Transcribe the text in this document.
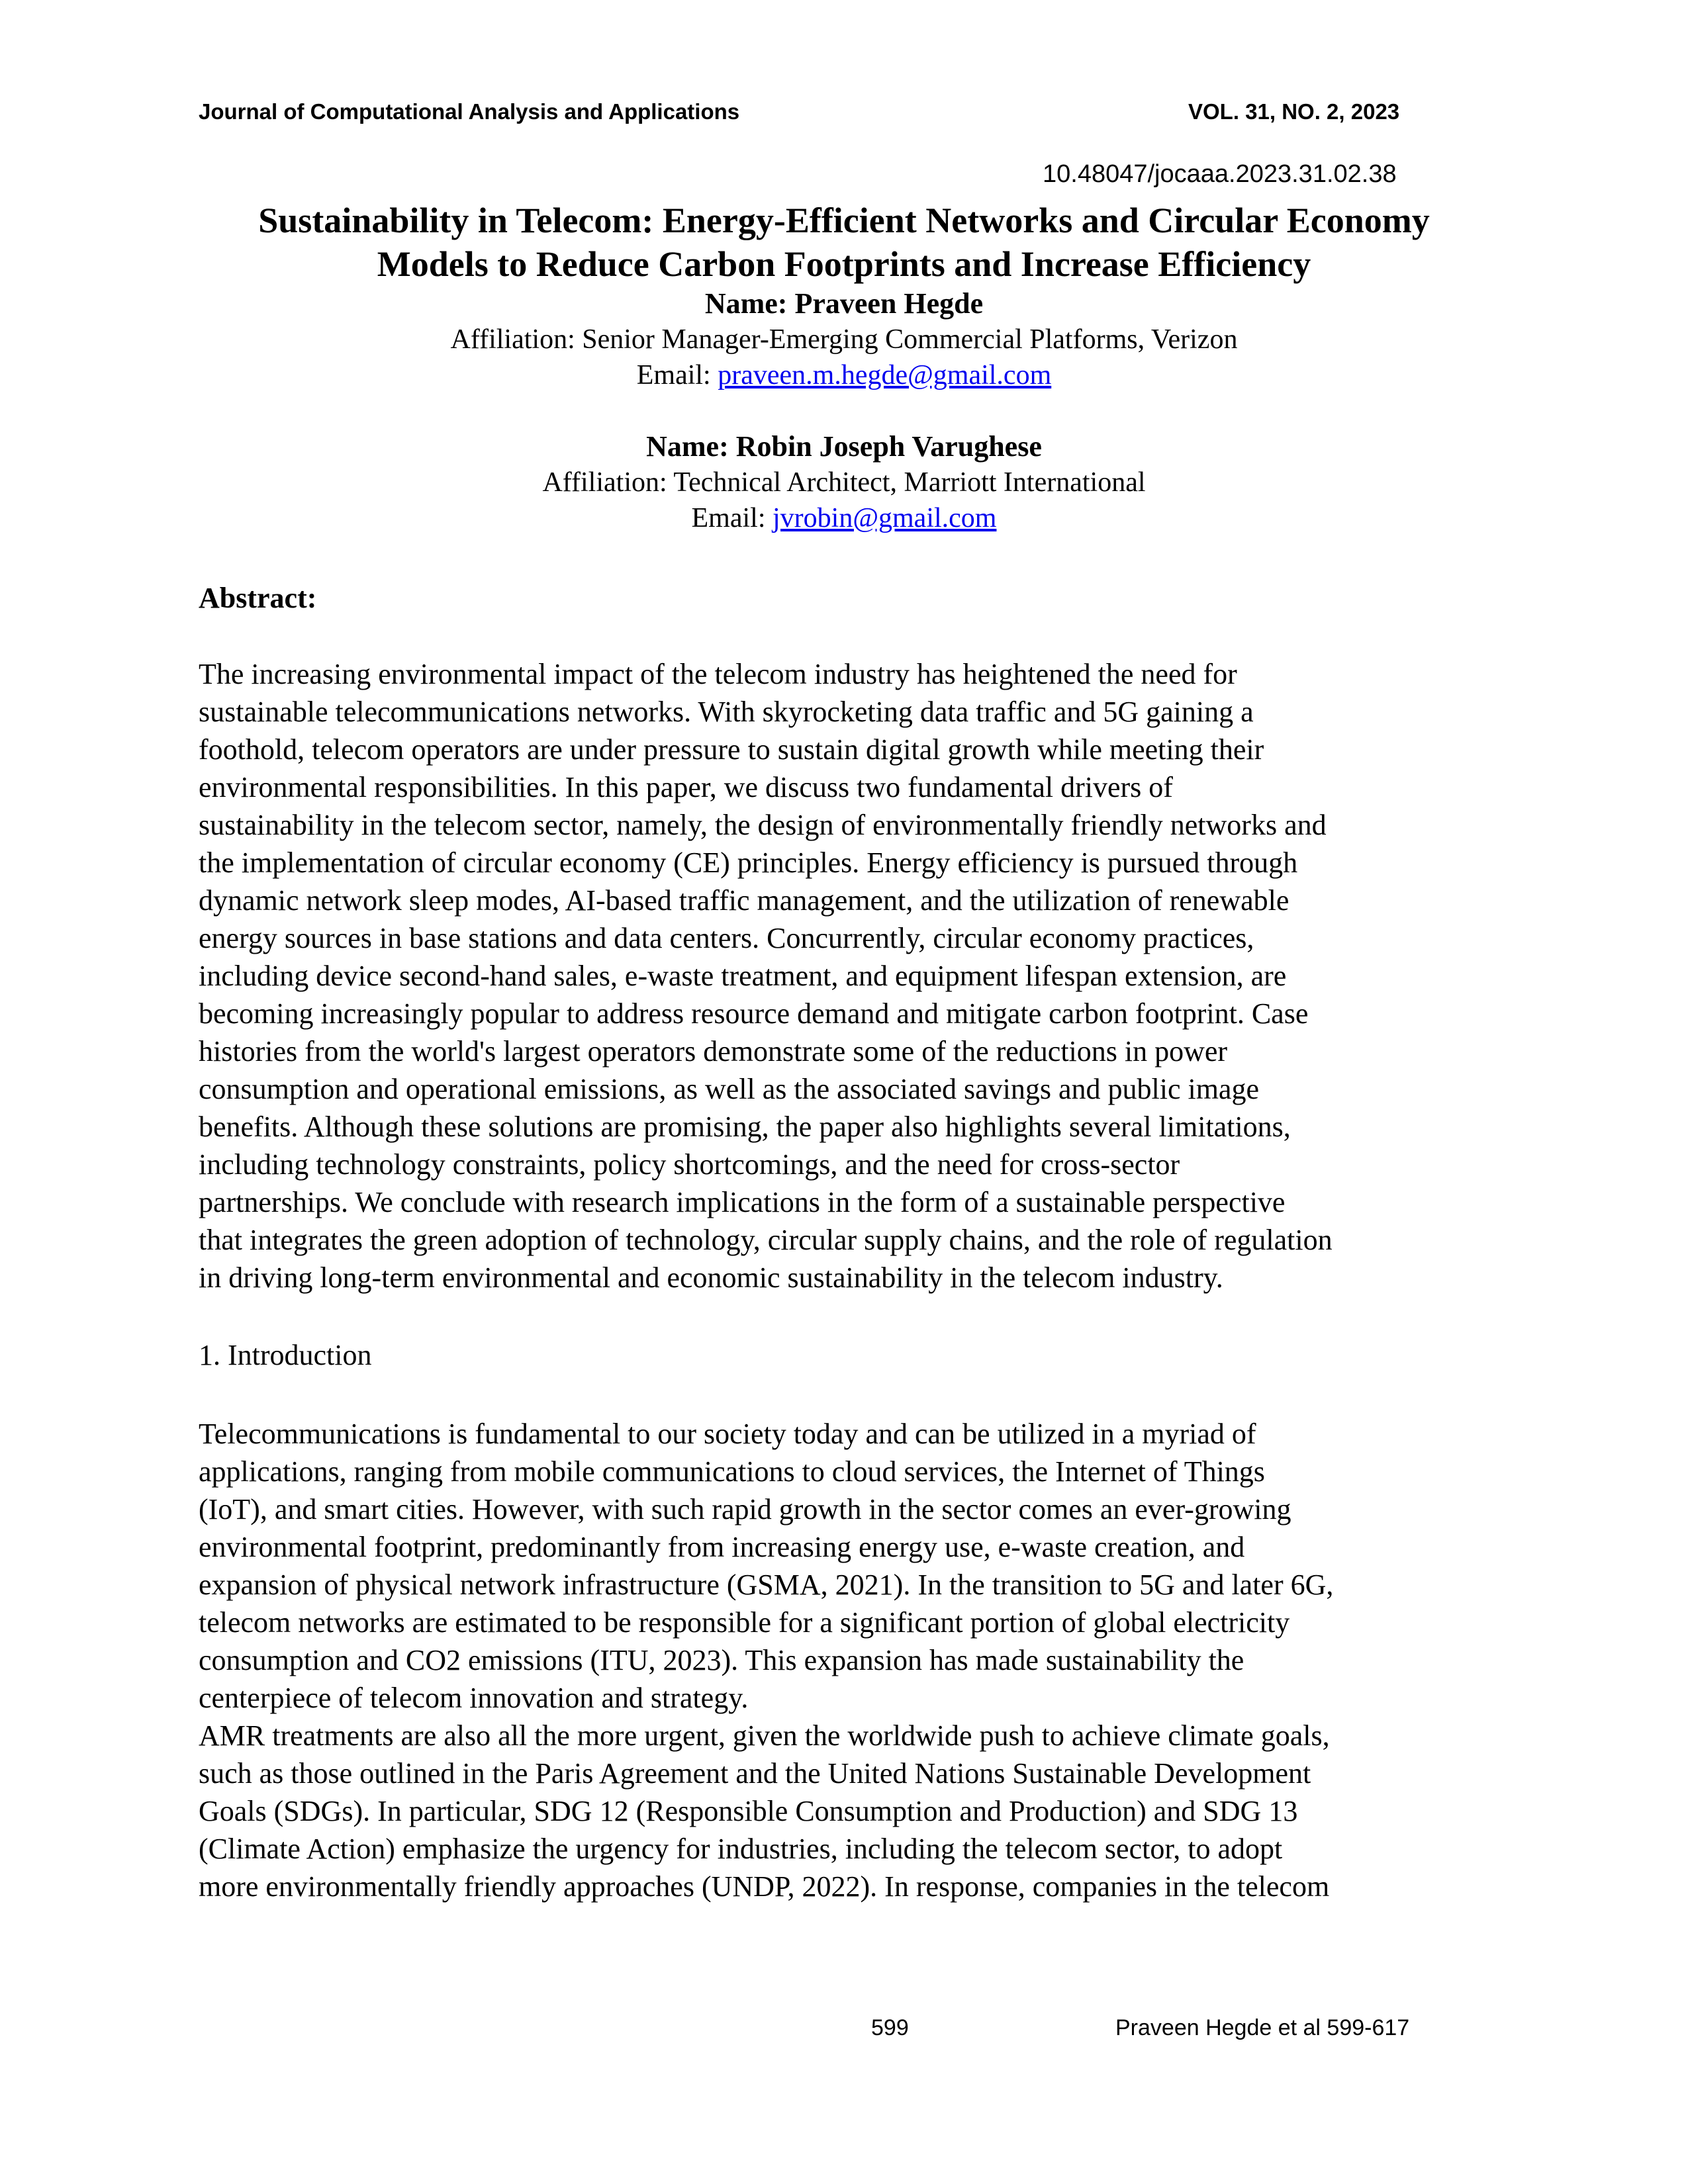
Journal of Computational Analysis and Applications	VOL. 31, NO. 2, 2023
10.48047/jocaaa.2023.31.02.38
Sustainability in Telecom: Energy-Efficient Networks and Circular Economy
Models to Reduce Carbon Footprints and Increase Efficiency
Name: Praveen Hegde
Affiliation: Senior Manager-Emerging Commercial Platforms, Verizon
Email: praveen.m.hegde@gmail.com
Name: Robin Joseph Varughese
Affiliation: Technical Architect, Marriott International
Email: jvrobin@gmail.com
Abstract:
The increasing environmental impact of the telecom industry has heightened the need for
sustainable telecommunications networks. With skyrocketing data traffic and 5G gaining a
foothold, telecom operators are under pressure to sustain digital growth while meeting their
environmental responsibilities. In this paper, we discuss two fundamental drivers of
sustainability in the telecom sector, namely, the design of environmentally friendly networks and
the implementation of circular economy (CE) principles. Energy efficiency is pursued through
dynamic network sleep modes, AI-based traffic management, and the utilization of renewable
energy sources in base stations and data centers. Concurrently, circular economy practices,
including device second-hand sales, e-waste treatment, and equipment lifespan extension, are
becoming increasingly popular to address resource demand and mitigate carbon footprint. Case
histories from the world's largest operators demonstrate some of the reductions in power
consumption and operational emissions, as well as the associated savings and public image
benefits. Although these solutions are promising, the paper also highlights several limitations,
including technology constraints, policy shortcomings, and the need for cross-sector
partnerships. We conclude with research implications in the form of a sustainable perspective
that integrates the green adoption of technology, circular supply chains, and the role of regulation
in driving long-term environmental and economic sustainability in the telecom industry.
1. Introduction
Telecommunications is fundamental to our society today and can be utilized in a myriad of
applications, ranging from mobile communications to cloud services, the Internet of Things
(IoT), and smart cities. However, with such rapid growth in the sector comes an ever-growing
environmental footprint, predominantly from increasing energy use, e-waste creation, and
expansion of physical network infrastructure (GSMA, 2021). In the transition to 5G and later 6G,
telecom networks are estimated to be responsible for a significant portion of global electricity
consumption and CO2 emissions (ITU, 2023). This expansion has made sustainability the
centerpiece of telecom innovation and strategy.
AMR treatments are also all the more urgent, given the worldwide push to achieve climate goals,
such as those outlined in the Paris Agreement and the United Nations Sustainable Development
Goals (SDGs). In particular, SDG 12 (Responsible Consumption and Production) and SDG 13
(Climate Action) emphasize the urgency for industries, including the telecom sector, to adopt
more environmentally friendly approaches (UNDP, 2022). In response, companies in the telecom
599	Praveen Hegde et al 599-617
